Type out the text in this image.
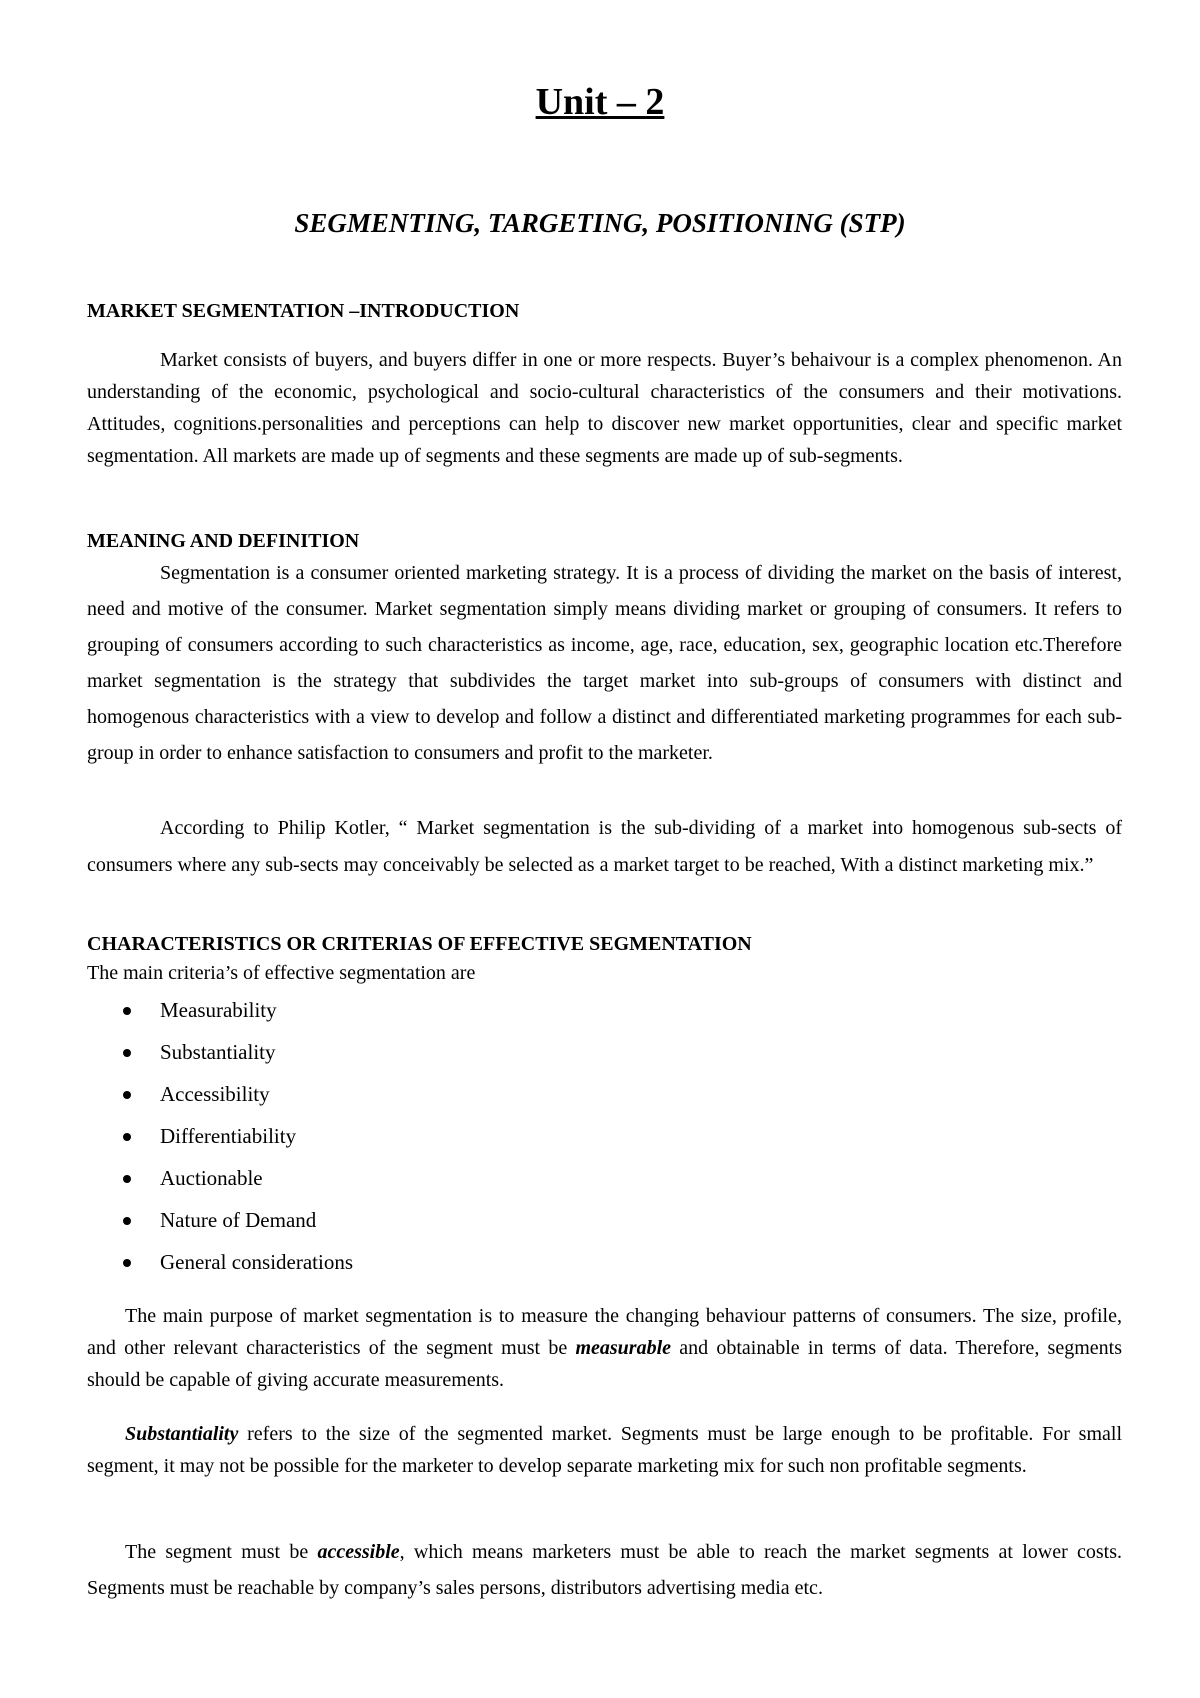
Unit – 2
SEGMENTING, TARGETING, POSITIONING (STP)
MARKET SEGMENTATION –INTRODUCTION

Market consists of buyers, and buyers differ in one or more respects. Buyer’s behaivour is a complex phenomenon. An understanding of the economic, psychological and socio-cultural characteristics of the consumers and their motivations. Attitudes, cognitions.personalities and perceptions can help to discover new market opportunities, clear and specific market segmentation. All markets are made up of segments and these segments are made up of sub-segments.

MEANING AND DEFINITION

Segmentation is a consumer oriented marketing strategy. It is a process of dividing the market on the basis of interest, need and motive of the consumer. Market segmentation simply means dividing market or grouping of consumers. It refers to grouping of consumers according to such characteristics as income, age, race, education, sex, geographic location etc.Therefore market segmentation is the strategy that subdivides the target market into sub-groups of consumers with distinct and homogenous characteristics with a view to develop and follow a distinct and differentiated marketing programmes for each sub-group in order to enhance satisfaction to consumers and profit to the marketer.

According to Philip Kotler, “ Market segmentation is the sub-dividing of a market into homogenous sub-sects of consumers where any sub-sects may conceivably be selected as a market target to be reached, With a distinct marketing mix.”

CHARACTERISTICS OR CRITERIAS OF EFFECTIVE SEGMENTATION
The main criteria’s of effective segmentation are
Measurability
Substantiality
Accessibility
Differentiability
Auctionable
Nature of Demand
General considerations

The main purpose of market segmentation is to measure the changing behaviour patterns of consumers. The size, profile, and other relevant characteristics of the segment must be measurable and obtainable in terms of data. Therefore, segments should be capable of giving accurate measurements.

Substantiality refers to the size of the segmented market. Segments must be large enough to be profitable. For small segment, it may not be possible for the marketer to develop separate marketing mix for such non profitable segments.

The segment must be accessible, which means marketers must be able to reach the market segments at lower costs. Segments must be reachable by company’s sales persons, distributors advertising media etc.
